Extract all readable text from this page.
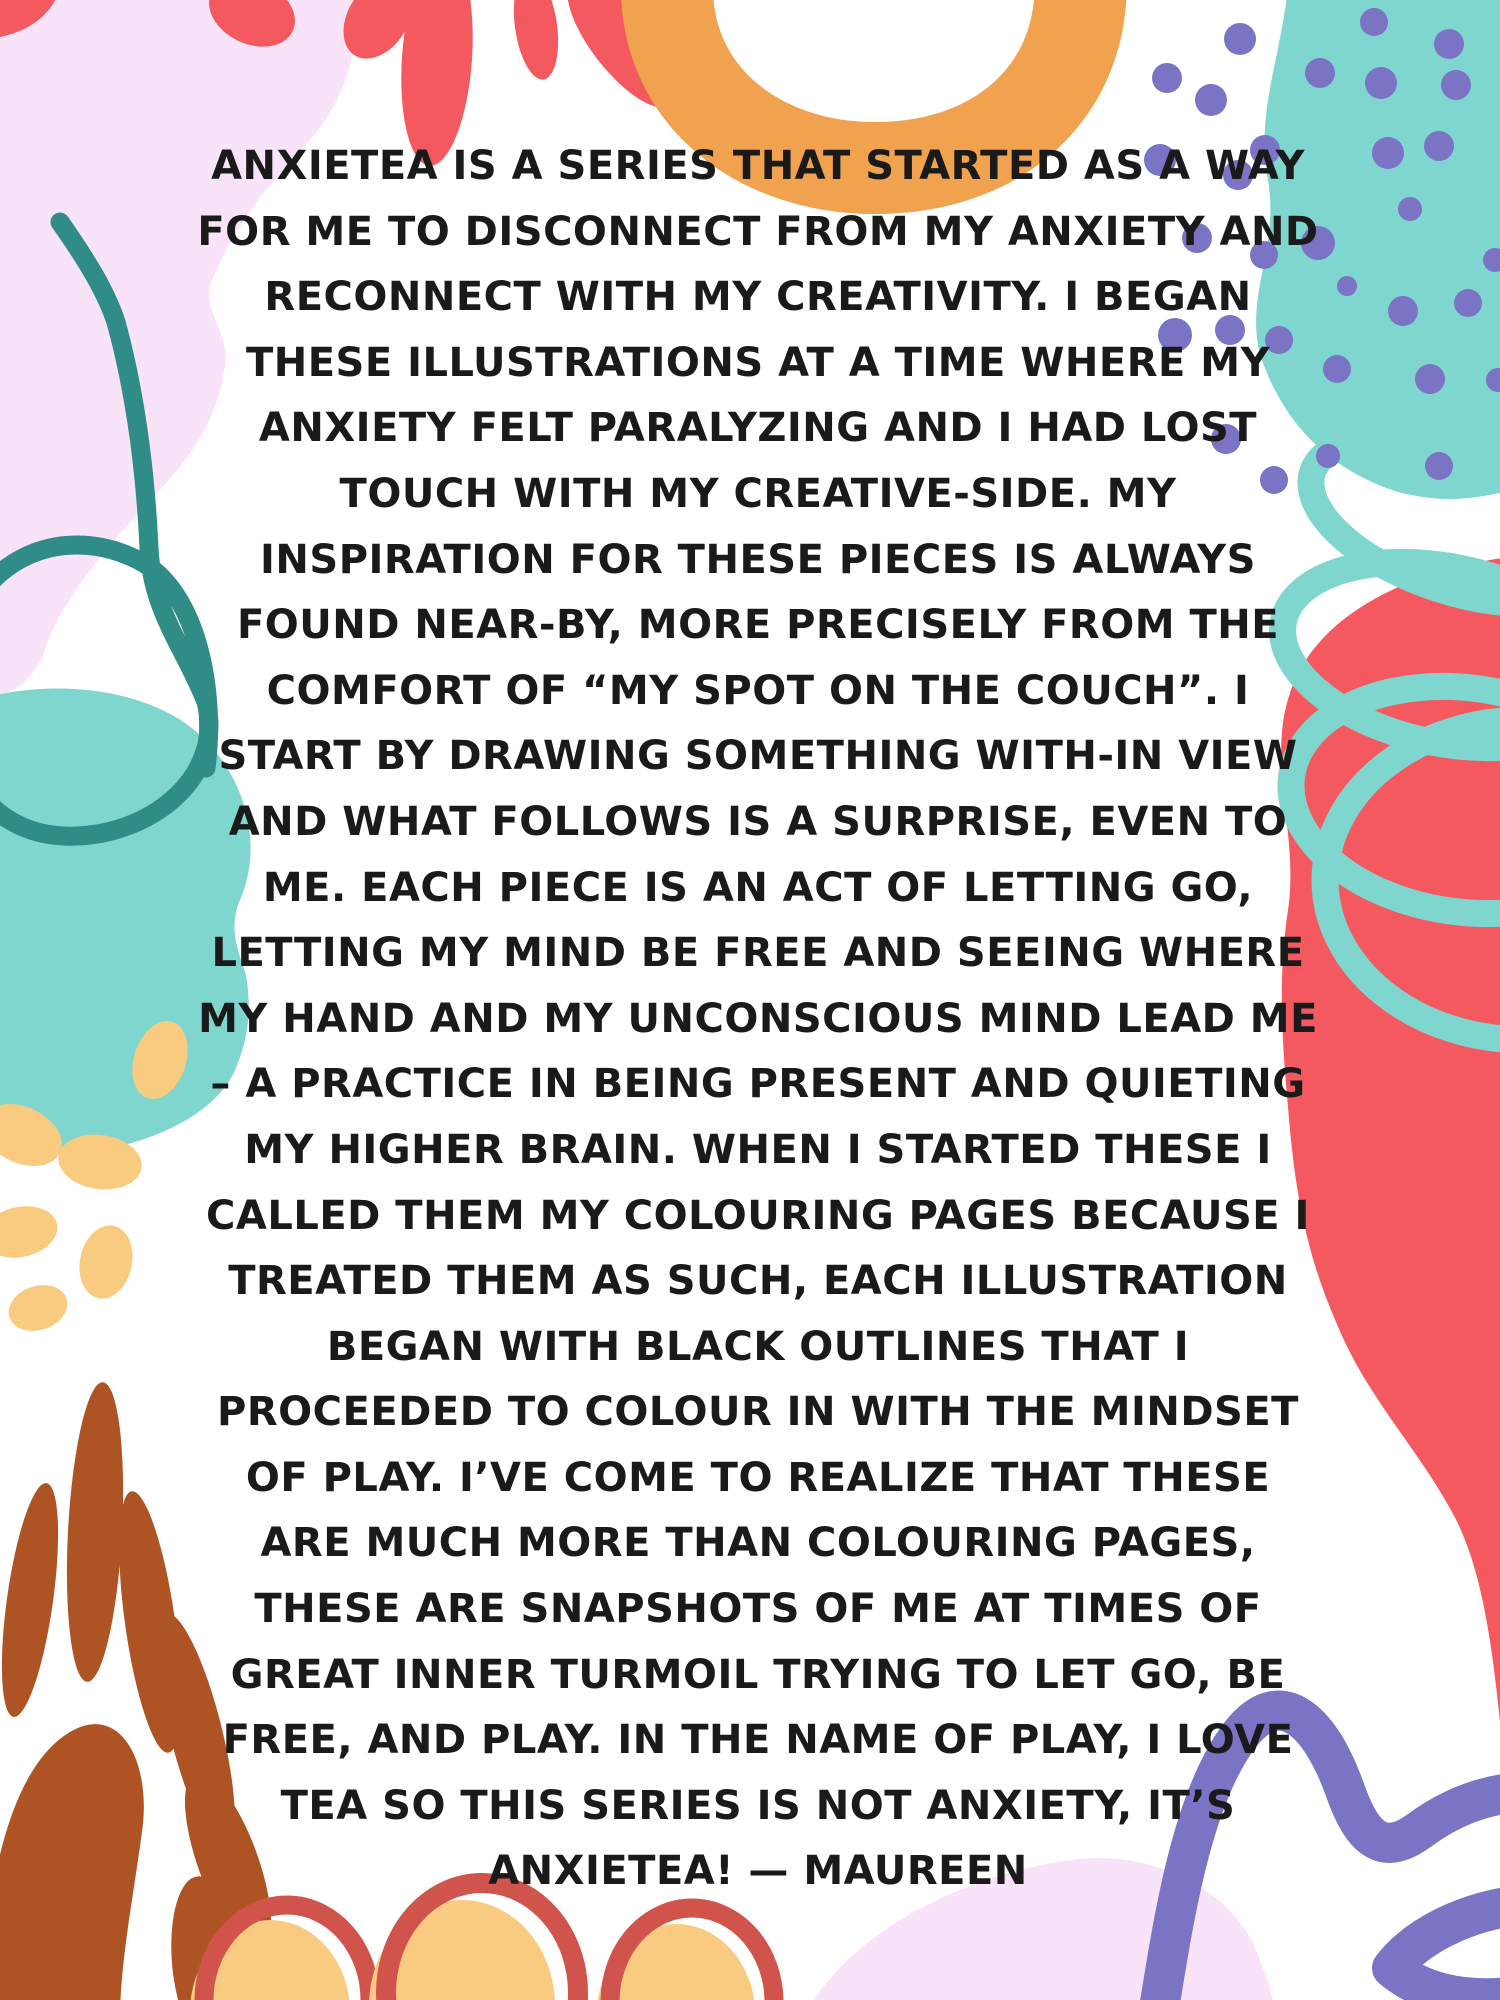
ANXIETEA IS A SERIES THAT STARTED AS A WAY
FOR ME TO DISCONNECT FROM MY ANXIETY AND
RECONNECT WITH MY CREATIVITY. I BEGAN
THESE ILLUSTRATIONS AT A TIME WHERE MY
ANXIETY FELT PARALYZING AND I HAD LOST
TOUCH WITH MY CREATIVE-SIDE. MY
INSPIRATION FOR THESE PIECES IS ALWAYS
FOUND NEAR-BY, MORE PRECISELY FROM THE
COMFORT OF “MY SPOT ON THE COUCH”. I
START BY DRAWING SOMETHING WITH-IN VIEW
AND WHAT FOLLOWS IS A SURPRISE, EVEN TO
ME. EACH PIECE IS AN ACT OF LETTING GO,
LETTING MY MIND BE FREE AND SEEING WHERE
MY HAND AND MY UNCONSCIOUS MIND LEAD ME
– A PRACTICE IN BEING PRESENT AND QUIETING
MY HIGHER BRAIN. WHEN I STARTED THESE I
CALLED THEM MY COLOURING PAGES BECAUSE I
TREATED THEM AS SUCH, EACH ILLUSTRATION
BEGAN WITH BLACK OUTLINES THAT I
PROCEEDED TO COLOUR IN WITH THE MINDSET
OF PLAY. I’VE COME TO REALIZE THAT THESE
ARE MUCH MORE THAN COLOURING PAGES,
THESE ARE SNAPSHOTS OF ME AT TIMES OF
GREAT INNER TURMOIL TRYING TO LET GO, BE
FREE, AND PLAY. IN THE NAME OF PLAY, I LOVE
TEA SO THIS SERIES IS NOT ANXIETY, IT’S
ANXIETEA! — MAUREEN
